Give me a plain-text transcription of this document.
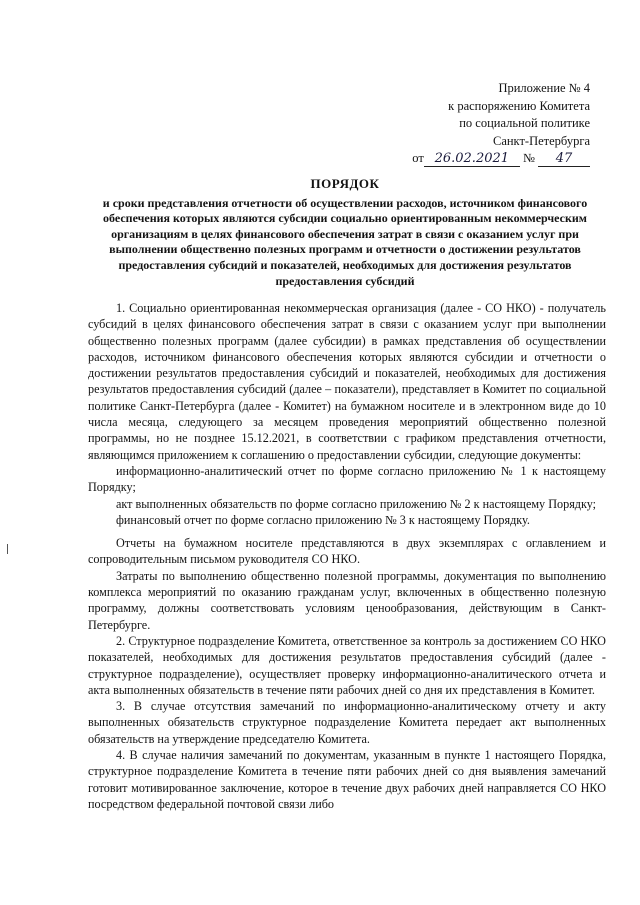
Приложение № 4
к распоряжению Комитета
по социальной политике
Санкт-Петербурга
от 26.02.2021 № 47
ПОРЯДОК
и сроки представления отчетности об осуществлении расходов, источником финансового обеспечения которых являются субсидии социально ориентированным некоммерческим организациям в целях финансового обеспечения затрат в связи с оказанием услуг при выполнении общественно полезных программ и отчетности о достижении результатов предоставления субсидий и показателей, необходимых для достижения результатов предоставления субсидий

1. Социально ориентированная некоммерческая организация (далее - СО НКО) - получатель субсидий в целях финансового обеспечения затрат в связи с оказанием услуг при выполнении общественно полезных программ (далее субсидии) в рамках представления об осуществлении расходов, источником финансового обеспечения которых являются субсидии и отчетности о достижении результатов предоставления субсидий и показателей, необходимых для достижения результатов предоставления субсидий (далее – показатели), представляет в Комитет по социальной политике Санкт-Петербурга (далее - Комитет) на бумажном носителе и в электронном виде до 10 числа месяца, следующего за месяцем проведения мероприятий общественно полезной программы, но не позднее 15.12.2021, в соответствии с графиком представления отчетности, являющимся приложением к соглашению о предоставлении субсидии, следующие документы:

информационно-аналитический отчет по форме согласно приложению № 1 к настоящему Порядку;

акт выполненных обязательств по форме согласно приложению № 2 к настоящему Порядку;

финансовый отчет по форме согласно приложению № 3 к настоящему Порядку.

Отчеты на бумажном носителе представляются в двух экземплярах с оглавлением и сопроводительным письмом руководителя СО НКО.

Затраты по выполнению общественно полезной программы, документация по выполнению комплекса мероприятий по оказанию гражданам услуг, включенных в общественно полезную программу, должны соответствовать условиям ценообразования, действующим в Санкт-Петербурге.

2. Структурное подразделение Комитета, ответственное за контроль за достижением СО НКО показателей, необходимых для достижения результатов предоставления субсидий (далее - структурное подразделение), осуществляет проверку информационно-аналитического отчета и акта выполненных обязательств в течение пяти рабочих дней со дня их представления в Комитет.

3. В случае отсутствия замечаний по информационно-аналитическому отчету и акту выполненных обязательств структурное подразделение Комитета передает акт выполненных обязательств на утверждение председателю Комитета.

4. В случае наличия замечаний по документам, указанным в пункте 1 настоящего Порядка, структурное подразделение Комитета в течение пяти рабочих дней со дня выявления замечаний готовит мотивированное заключение, которое в течение двух рабочих дней направляется СО НКО посредством федеральной почтовой связи либо
